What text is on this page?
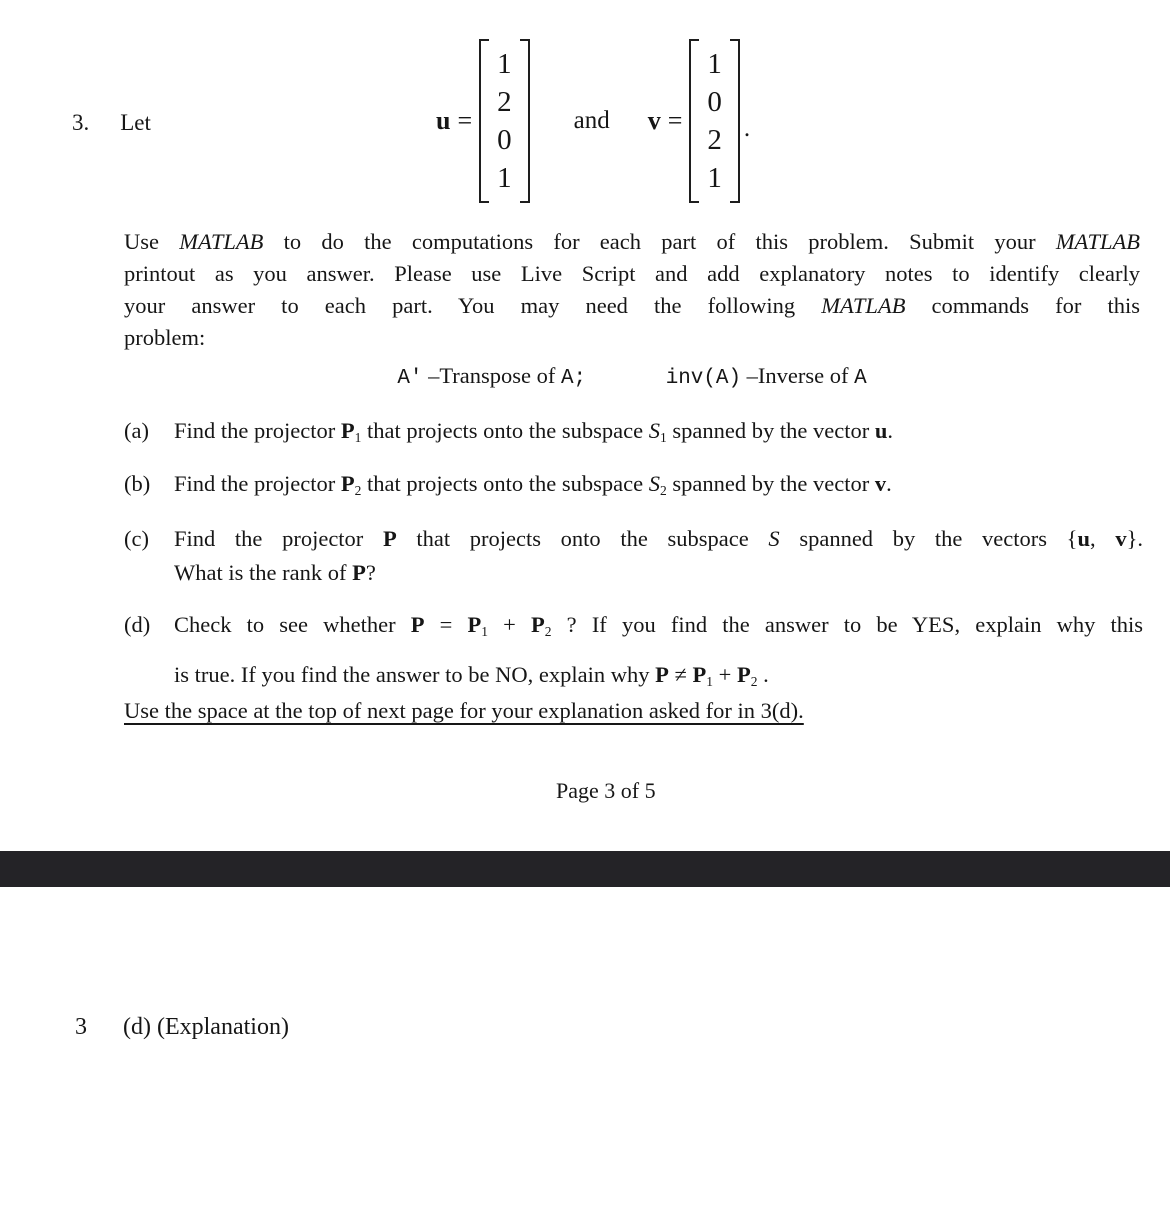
3. Let	u =
1
2
0
1
and v =
1
0
2
1
.
Use MATLAB to do the computations for each part of this problem. Submit your MATLAB
printout as you answer. Please use Live Script and add explanatory notes to identify clearly
your answer to each part. You may need the following MATLAB commands for this
problem:
A' –Transpose of A;	inv(A) –Inverse of A
(a)	Find the projector P1 that projects onto the subspace S1 spanned by the vector u.
(b)	Find the projector P2 that projects onto the subspace S2 spanned by the vector v.
(c)	Find the projector P that projects onto the subspace S spanned by the vectors {u, v}.
What is the rank of P?
(d)	Check to see whether P = P1 + P2 ? If you find the answer to be YES, explain why this
is true. If you find the answer to be NO, explain why P ≠ P1 + P2 .
Use the space at the top of next page for your explanation asked for in 3(d).
Page 3 of 5
3 (d) (Explanation)
